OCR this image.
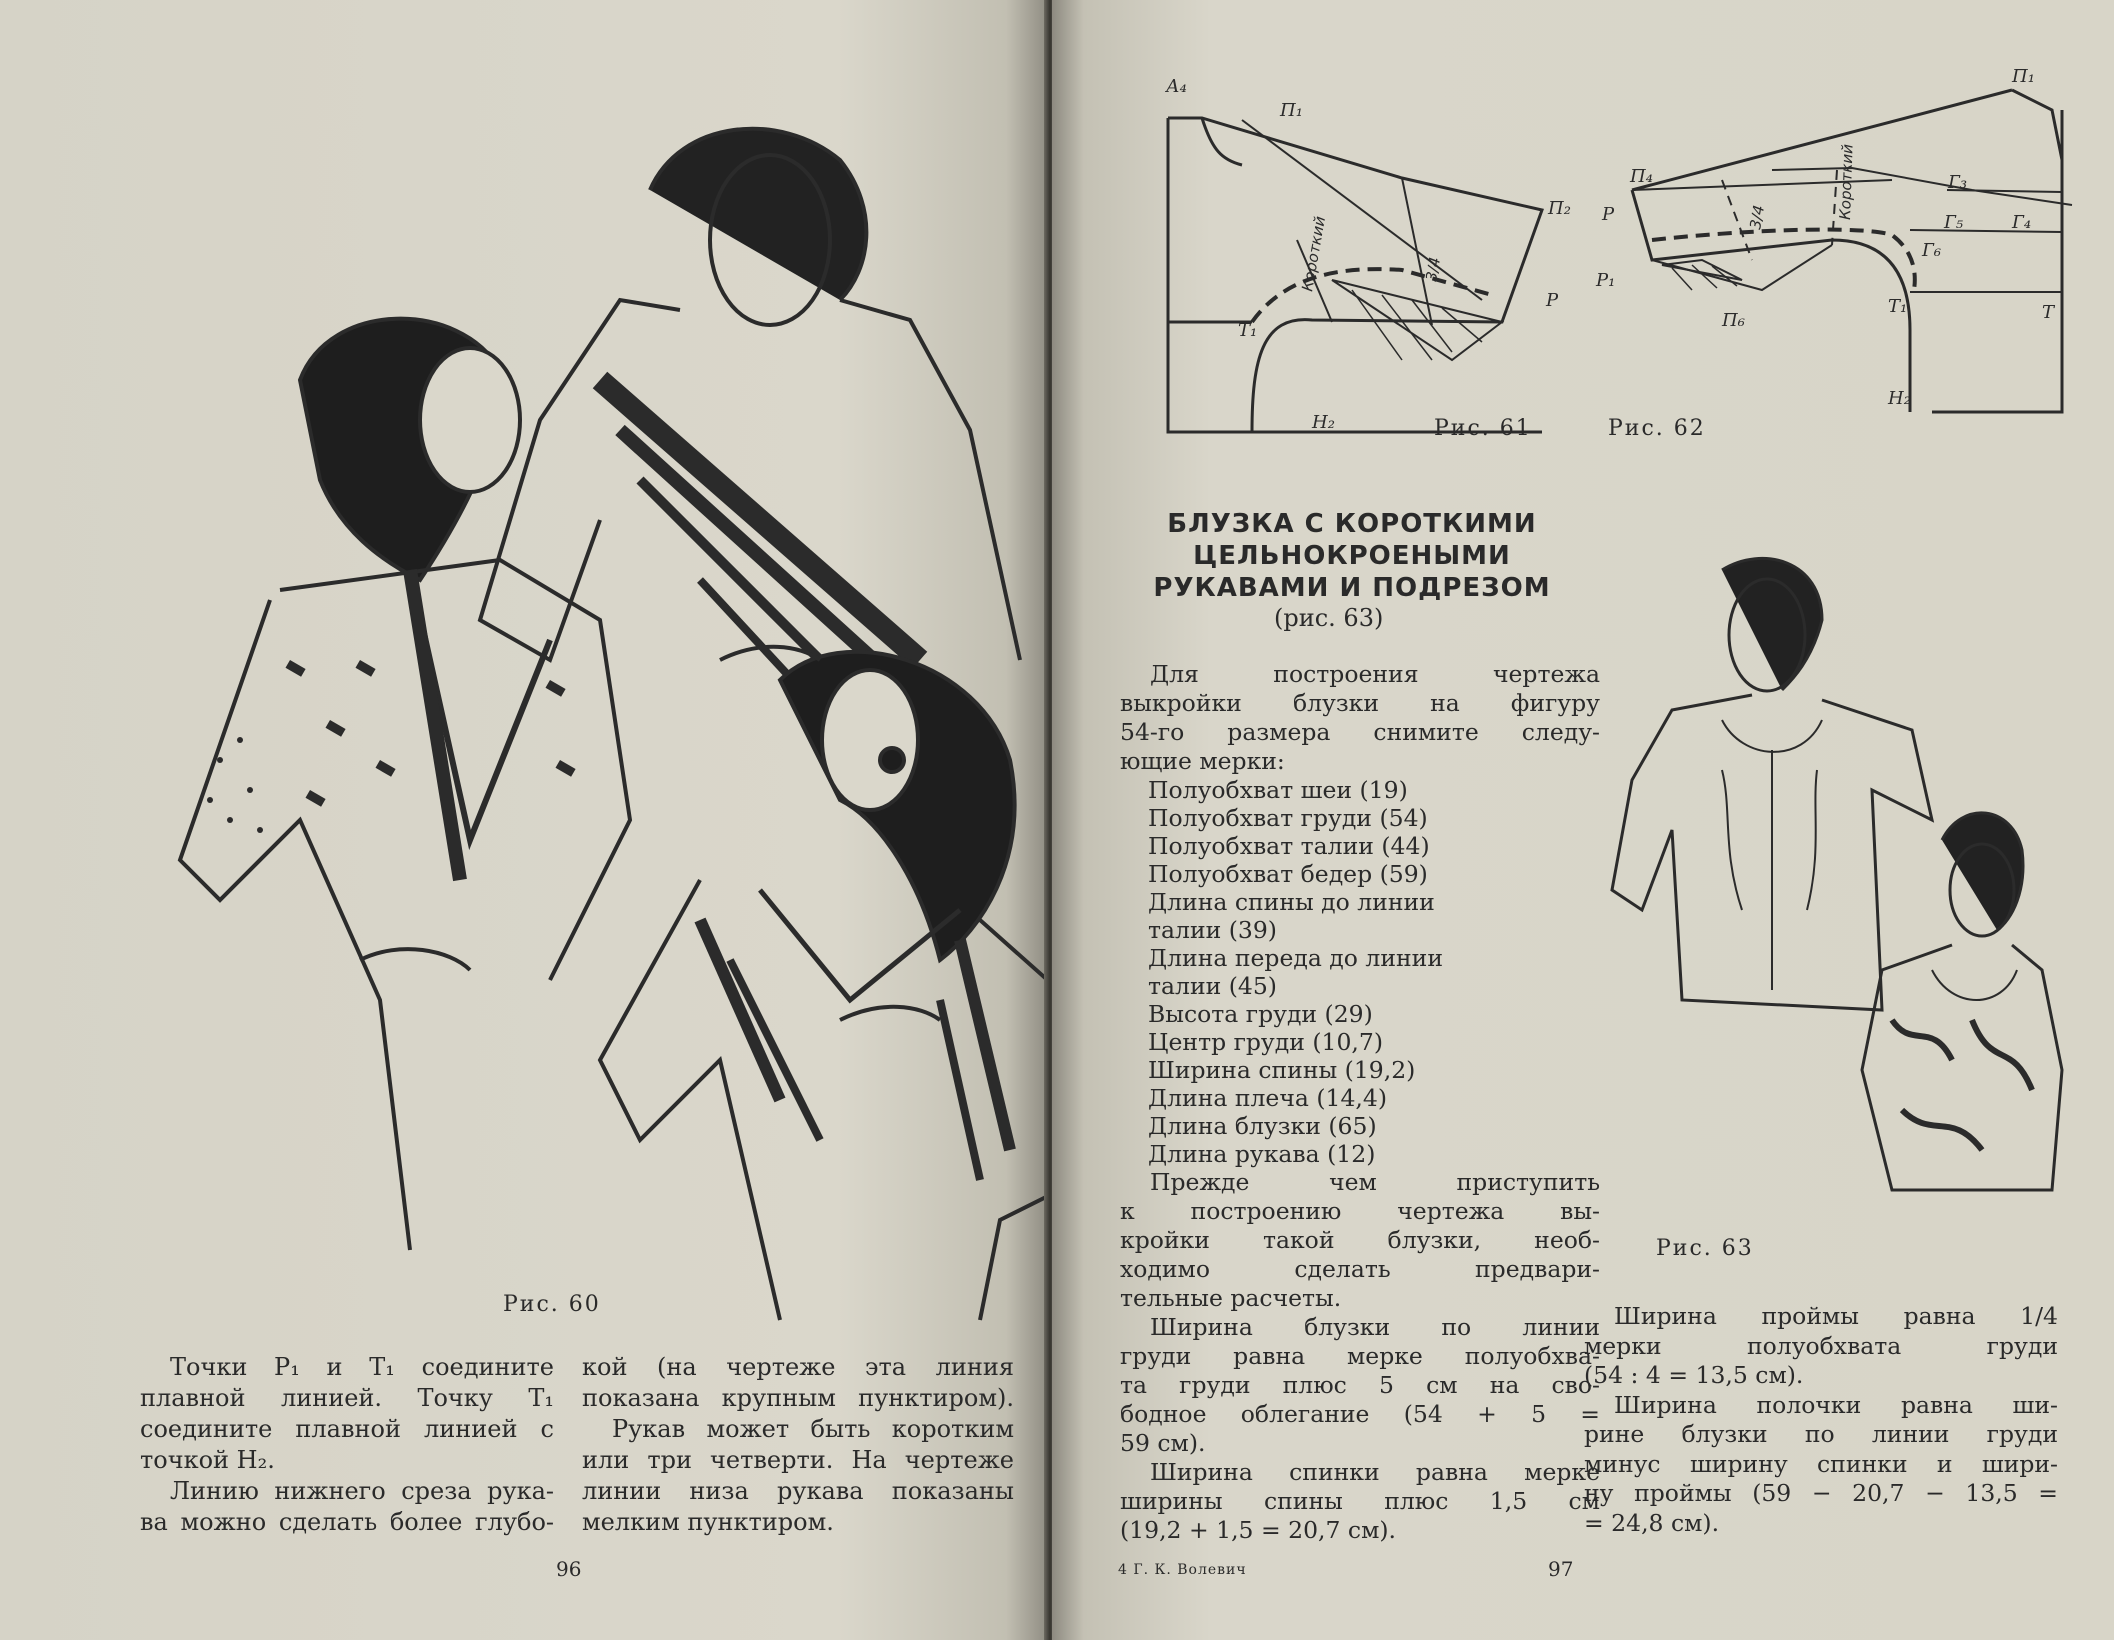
Рис. 60

Точки Р₁ и Т₁ соедините

плавной линией. Точку Т₁

соедините плавной линией с

точкой Н₂.

Линию нижнего среза рука-

ва можно сделать более глубо-

кой (на чертеже эта линия

показана крупным пунктиром).

Рукав может быть коротким

или три четверти. На чертеже

линии низа рукава показаны

мелким пунктиром.

96
А₄
П₁
П₂
Р
Т₁
Н₂
Короткий	3/4
Рис. 61
П₁
П₄
Р
Р₁
П₆
Г₃
Г₅
Г₆
Г₄
Т
Т₁
Н₂
Короткий
3/4
Рис. 62
БЛУЗКА С КОРОТКИМИ
ЦЕЛЬНОКРОЕНЫМИ
РУКАВАМИ И ПОДРЕЗОМ
(рис. 63)

Для построения чертежа

выкройки блузки на фигуру

54-го размера снимите следу-

ющие мерки:

Полуобхват шеи (19)
Полуобхват груди (54)
Полуобхват талии (44)
Полуобхват бедер (59)
Длина спины до линии
талии (39)
Длина переда до линии
талии (45)
Высота груди (29)
Центр груди (10,7)
Ширина спины (19,2)
Длина плеча (14,4)
Длина блузки (65)
Длина рукава (12)

Прежде чем приступить

к построению чертежа вы-

кройки такой блузки, необ-

ходимо сделать предвари-

тельные расчеты.

Ширина блузки по линии

груди равна мерке полуобхва-

та груди плюс 5 см на сво-

бодное облегание (54 + 5 =

59 см).

Ширина спинки равна мерке

ширины спины плюс 1,5 см

(19,2 + 1,5 = 20,7 см).

Рис. 63

Ширина проймы равна 1/4

мерки полуобхвата груди

(54 : 4 = 13,5 см).

Ширина полочки равна ши-

рине блузки по линии груди

минус ширину спинки и шири-

ну проймы (59 − 20,7 − 13,5 =

= 24,8 см).

4 Г. К. Волевич	97
